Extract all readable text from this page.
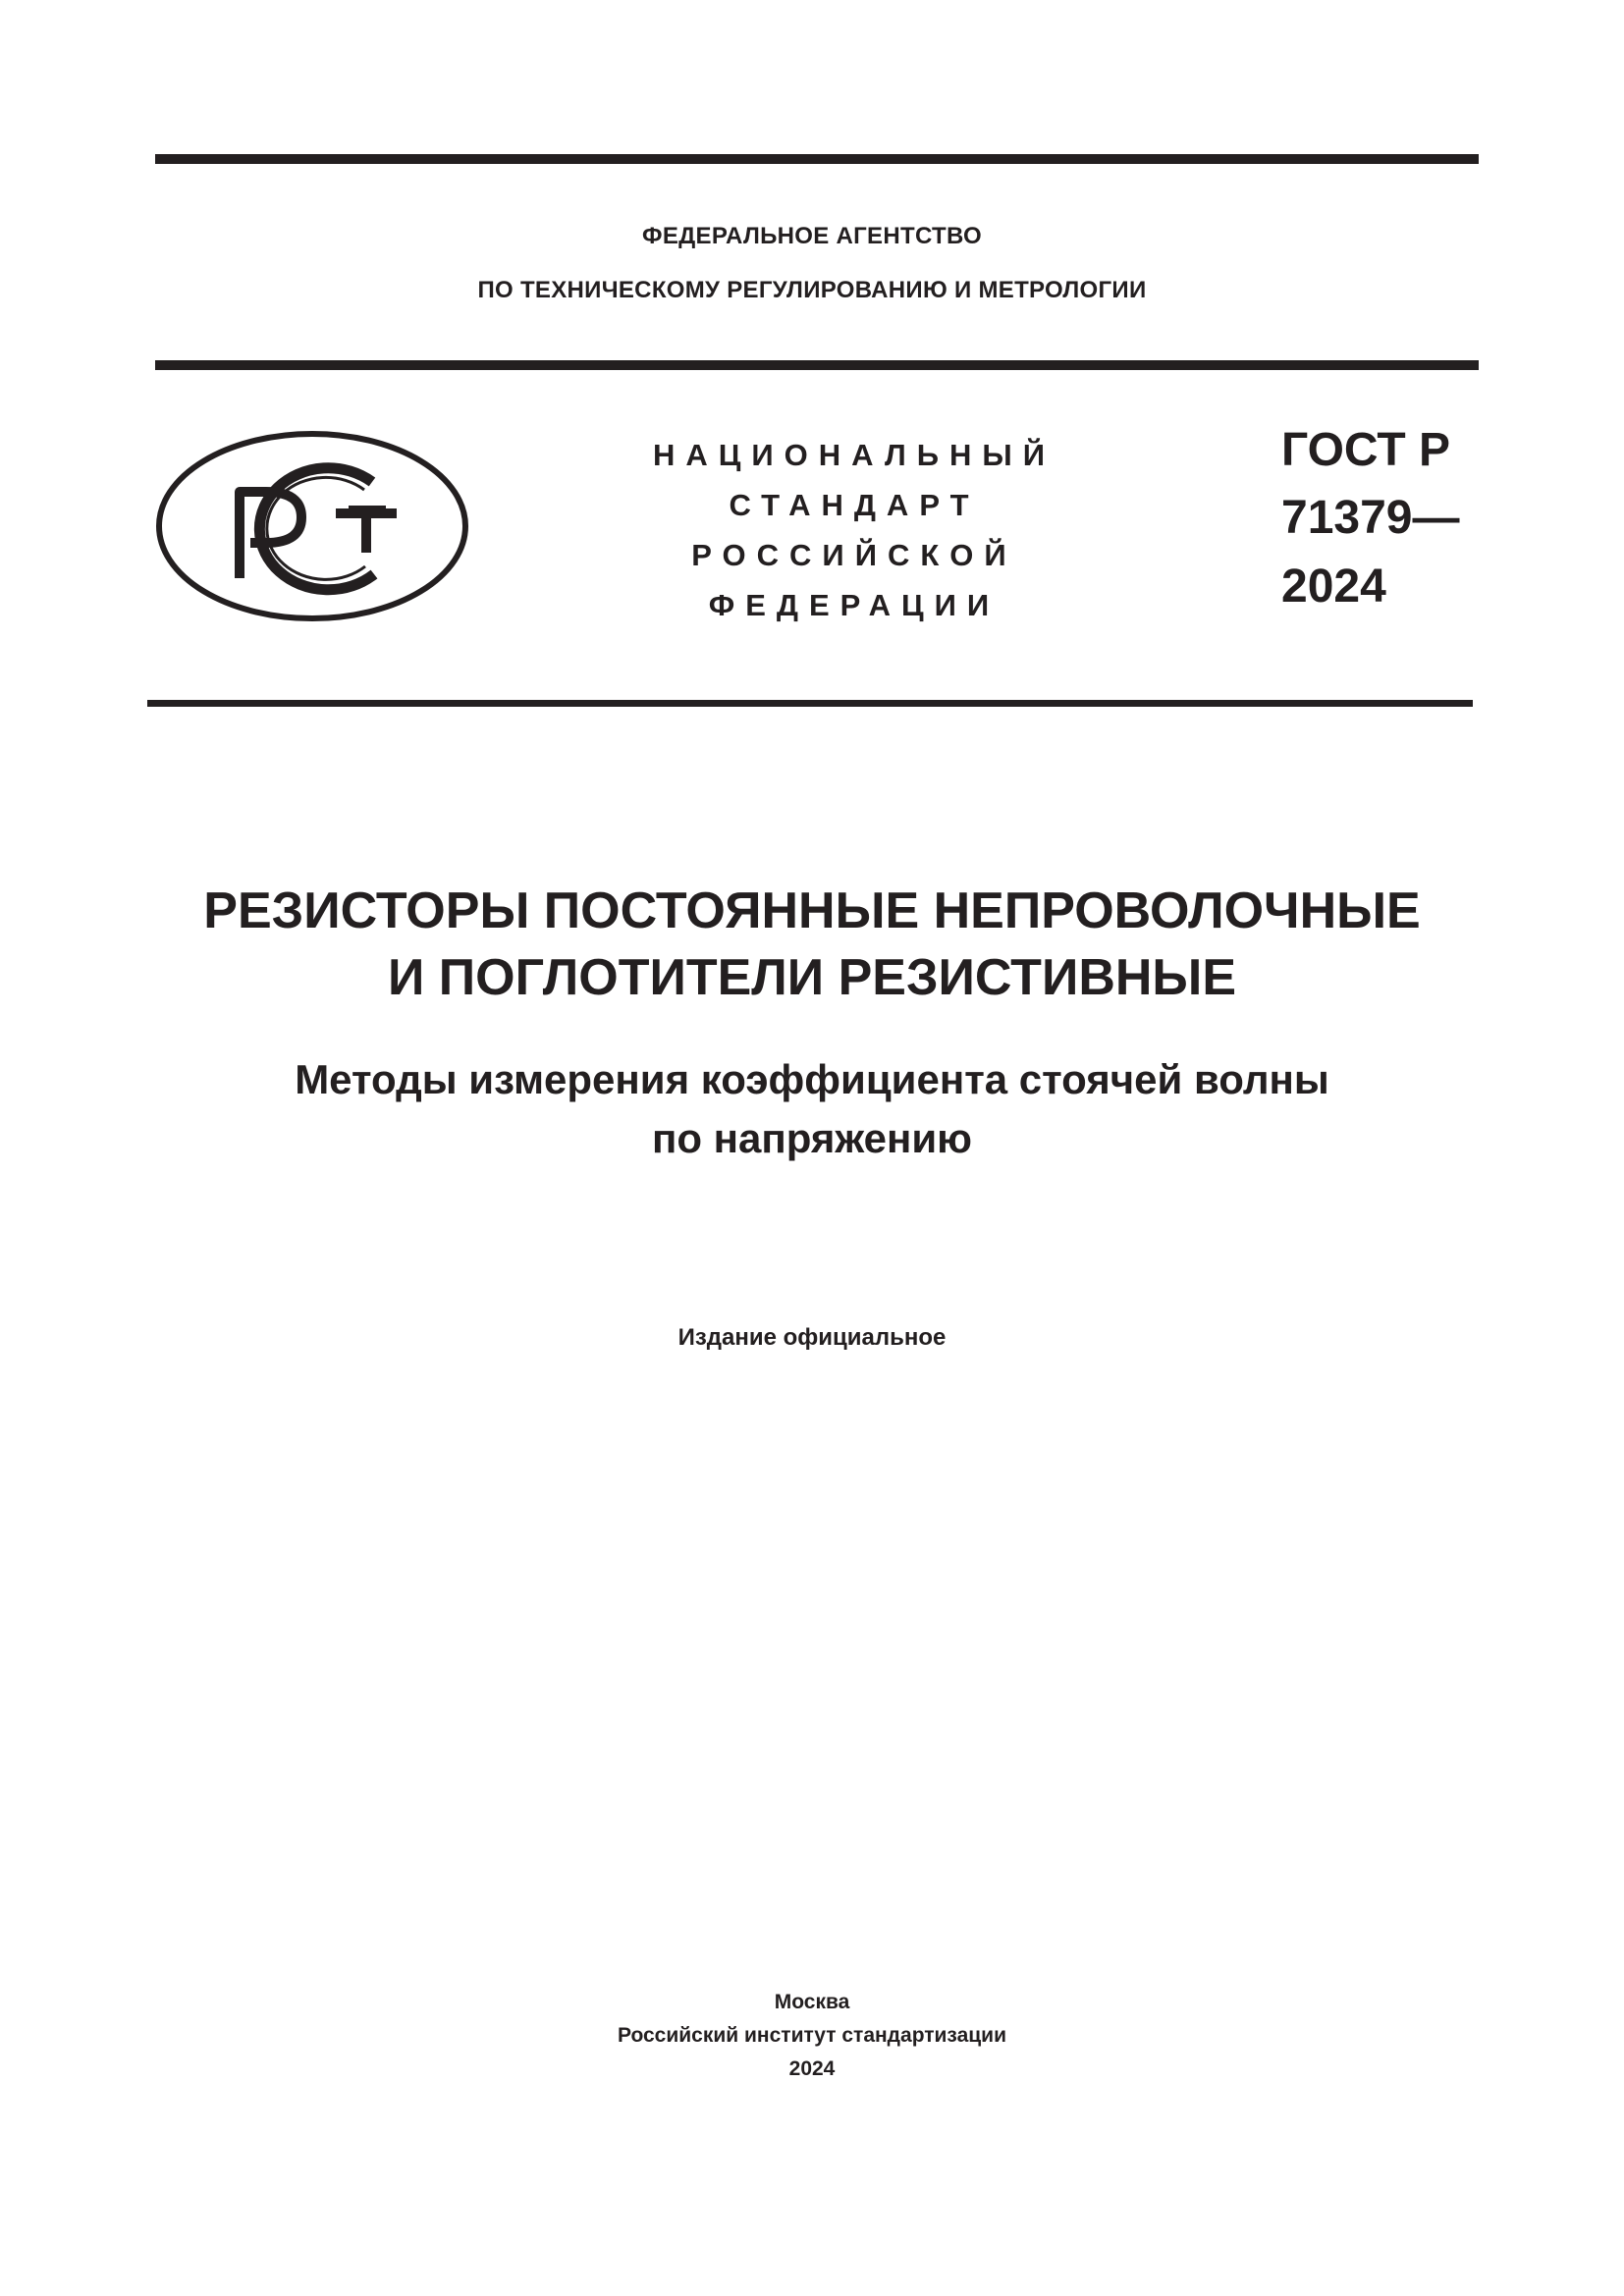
ФЕДЕРАЛЬНОЕ АГЕНТСТВО
ПО ТЕХНИЧЕСКОМУ РЕГУЛИРОВАНИЮ И МЕТРОЛОГИИ
НАЦИОНАЛЬНЫЙ
СТАНДАРТ
РОССИЙСКОЙ
ФЕДЕРАЦИИ
ГОСТ Р
71379—
2024
РЕЗИСТОРЫ ПОСТОЯННЫЕ НЕПРОВОЛОЧНЫЕ
И ПОГЛОТИТЕЛИ РЕЗИСТИВНЫЕ
Методы измерения коэффициента стоячей волны
по напряжению
Издание официальное
Москва
Российский институт стандартизации
2024
